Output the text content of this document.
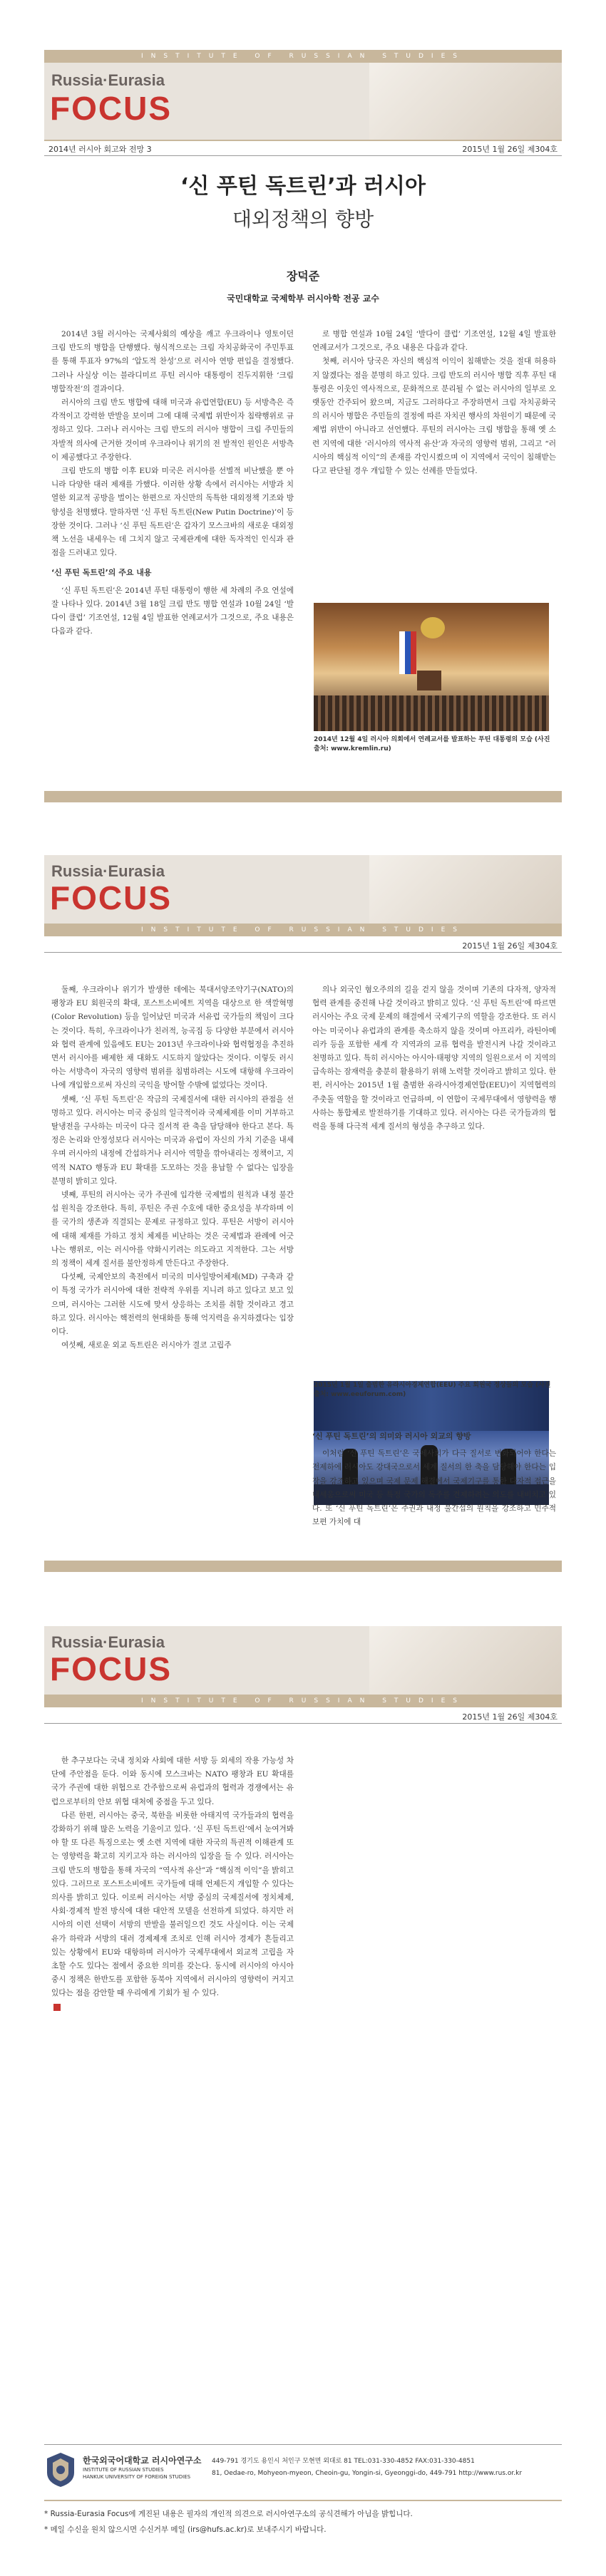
INSTITUTE OF RUSSIAN STUDIES
Russia·Eurasia
FOCUS
2014년 러시아 회고와 전망 3	2015년 1월 26일 제304호
‘신 푸틴 독트린’과 러시아
대외정책의 향방
장덕준
국민대학교 국제학부 러시아학 전공 교수

2014년 3월 러시아는 국제사회의 예상을 깨고 우크라이나 영토이던 크림 반도의 병합을 단행했다. 형식적으로는 크림 자치공화국이 주민투표를 통해 투표자 97%의 ‘압도적 찬성’으로 러시아 연방 편입을 결정했다. 그러나 사실상 이는 블라디미르 푸틴 러시아 대통령이 진두지휘한 ‘크림 병합작전’의 결과이다.

러시아의 크림 반도 병합에 대해 미국과 유럽연합(EU) 등 서방측은 즉각적이고 강력한 반발을 보이며 그에 대해 국제법 위반이자 침략행위로 규정하고 있다. 그러나 러시아는 크림 반도의 러시아 병합이 크림 주민들의 자발적 의사에 근거한 것이며 우크라이나 위기의 전 발적인 원인은 서방측이 제공했다고 주장한다.

크림 반도의 병합 이후 EU와 미국은 러시아를 선별적 비난했을 뿐 아니라 다양한 대러 제재를 가했다. 이러한 상황 속에서 러시아는 서방과 치열한 외교적 공방을 벌이는 한편으로 자신만의 독특한 대외정책 기조와 방향성을 천명했다. 말하자면 ‘신 푸틴 독트린(New Putin Doctrine)’이 등장한 것이다. 그러나 ‘신 푸틴 독트린’은 갑자기 모스크바의 새로운 대외정책 노선을 내세우는 데 그치지 않고 국제관계에 대한 독자적인 인식과 관점을 드러내고 있다.

‘신 푸틴 독트린’의 주요 내용

‘신 푸틴 독트린’은 2014년 푸틴 대통령이 행한 세 차례의 주요 연설에 잘 나타나 있다. 2014년 3월 18일 크림 반도 병합 연설과 10월 24일 ‘발다이 클럽’ 기조연설, 12월 4일 발표한 연례교서가 그것으로, 주요 내용은 다음과 같다.

로 병합 연설과 10월 24일 ‘발다이 클럽’ 기조연설, 12월 4일 발표한 연례교서가 그것으로, 주요 내용은 다음과 같다.

첫째, 러시아 당국은 자신의 핵심적 이익이 침해받는 것을 절대 허용하지 않겠다는 점을 분명히 하고 있다. 크림 반도의 러시아 병합 직후 푸틴 대통령은 이웃인 역사적으로, 문화적으로 분리될 수 없는 러시아의 일부로 오랫동안 간주되어 왔으며, 지금도 그러하다고 주장하면서 크림 자치공화국의 러시아 병합은 주민들의 결정에 따른 자치권 행사의 차원이기 때문에 국제법 위반이 아니라고 선언했다. 푸틴의 러시아는 크림 병합을 통해 옛 소련 지역에 대한 ‘러시아의 역사적 유산’과 자국의 영향력 범위, 그리고 “러시아의 핵심적 이익”의 존재를 각인시켰으며 이 지역에서 국익이 침해받는다고 판단될 경우 개입할 수 있는 선례를 만들었다.

2014년 12월 4일 러시아 의회에서 연례교서를 발표하는 푸틴 대통령의 모습 (사진 출처: www.kremlin.ru)
Russia·Eurasia
FOCUS
INSTITUTE OF RUSSIAN STUDIES
2015년 1월 26일 제304호

둘째, 우크라이나 위기가 발생한 데에는 북대서양조약기구(NATO)의 팽창과 EU 회원국의 확대, 포스트소비에트 지역을 대상으로 한 색깔혁명(Color Revolution) 등을 일어났던 미국과 서유럽 국가들의 책임이 크다는 것이다. 특히, 우크라이나가 친러적, 능곡집 등 다양한 부분에서 러시아와 협력 관계에 있음에도 EU는 2013년 우크라이나와 협력협정을 추진하면서 러시아를 배제한 채 대화도 시도하지 않았다는 것이다. 이렇듯 러시아는 서방측이 자국의 영향력 범위를 침범하려는 시도에 대항해 우크라이나에 개입함으로써 자신의 국익을 방어할 수밖에 없었다는 것이다.

셋째, ‘신 푸틴 독트린’은 작금의 국제질서에 대한 러시아의 관점을 선명하고 있다. 러시아는 미국 중심의 일극적이라 국제체제를 이미 거부하고 탈냉전을 구사하는 미국이 다극 질서적 관 축을 담당해야 한다고 본다. 특정은 논리와 안정성보다 러시아는 미국과 유럽이 자신의 가치 기준을 내세우며 러시아의 내정에 간섭하거나 러시아 역할을 깎아내리는 정책이고, 지역적 NATO 행동과 EU 확대를 도모하는 것을 용납할 수 없다는 입장을 분명히 밝히고 있다.

넷째, 푸틴의 러시아는 국가 주권에 입각한 국제법의 원칙과 내정 불간섭 원칙을 강조한다. 특히, 푸틴은 주권 수호에 대한 중요성을 부각하며 이를 국가의 생존과 직결되는 문제로 규정하고 있다. 푸틴은 서방이 러시아에 대해 제재를 가하고 정치 체제를 비난하는 것은 국제법과 관례에 어긋나는 행위로, 이는 러시아를 약화시키려는 의도라고 지적한다. 그는 서방의 정책이 세계 질서를 불안정하게 만든다고 주장한다.

다섯째, 국제안보의 축전에서 미국의 미사일방어체제(MD) 구축과 같이 특정 국가가 러시아에 대한 전략적 우위를 지니려 하고 있다고 보고 있으며, 러시아는 그러한 시도에 맞서 상응하는 조치를 취할 것이라고 경고하고 있다. 러시아는 핵전력의 현대화를 통해 억지력을 유지하겠다는 입장이다.

여섯째, 새로운 외교 독트린은 러시아가 결코 고립주

의나 외국인 혐오주의의 길을 걷지 않을 것이며 기존의 다자적, 양자적 협력 관계를 중진해 나갈 것이라고 밝히고 있다. ‘신 푸틴 독트린’에 따르면 러시아는 주요 국제 문제의 해결에서 국제기구의 역할을 강조한다. 또 러시아는 미국이나 유럽과의 관계를 축소하지 않을 것이며 아프리카, 라틴아메리카 등을 포함한 세계 각 지역과의 교류 협력을 발전시켜 나갈 것이라고 천명하고 있다. 특히 러시아는 아시아·태평양 지역의 일원으로서 이 지역의 급속하는 잠재력을 충분히 활용하기 위해 노력할 것이라고 밝히고 있다. 한편, 러시아는 2015년 1월 출범한 유라시아경제연합(EEU)이 지역협력의 주춧돌 역할을 할 것이라고 언급하며, 이 연합이 국제무대에서 영향력을 행사하는 통합체로 발전하기를 기대하고 있다. 러시아는 다른 국가들과의 협력을 통해 다극적 세계 질서의 형성을 추구하고 있다.

2015년 1월 1일 출범한 유라시아경제연합(EEU) 주요 회원국 정상들의 모습 (사진 출처: www.eeuforum.com)

‘신 푸틴 독트린’의 의미와 러시아 외교의 향방

이처럼 ‘신 푸틴 독트린’은 국제사회가 다극 질서로 변화되어야 한다는 전제하에 러시아도 강대국으로서 세계 질서의 한 축을 담당해야 한다는 입장을 강조하고 있으며 국제 문제 해결에서 국제기구를 통한 다자적 접근을 내세움으로써 미국 등 특정 국가의 독주를 견제하려는 의도를 내비치고 있다. 또 ‘신 푸틴 독트린’은 주권과 내정 불간섭의 원칙을 강조하고 민주적 보편 가치에 대

Russia·Eurasia
FOCUS
INSTITUTE OF RUSSIAN STUDIES
2015년 1월 26일 제304호

한 추구보다는 국내 정치와 사회에 대한 서방 등 외세의 작용 가능성 차단에 주안점을 둔다. 이와 동시에 모스크바는 NATO 팽창과 EU 확대를 국가 주권에 대한 위협으로 간주함으로써 유럽과의 협력과 경쟁에서는 유럽으로부터의 안보 위협 대처에 중점을 두고 있다.

다른 한편, 러시아는 중국, 북한을 비롯한 아태지역 국가들과의 협력을 강화하기 위해 많은 노력을 기울이고 있다. ‘신 푸틴 독트린’에서 눈여겨봐야 할 또 다른 특징으로는 옛 소련 지역에 대한 자국의 특권적 이해관계 또는 영향력을 확고히 지키고자 하는 러시아의 입장을 들 수 있다. 러시아는 크림 반도의 병합을 통해 자국의 “역사적 유산”과 “핵심적 이익”을 밝히고 있다. 그러므로 포스트소비에트 국가들에 대해 언제든지 개입할 수 있다는 의사를 밝히고 있다. 이로써 러시아는 서방 중심의 국제질서에 정치체제, 사회·경제적 발전 방식에 대한 대안적 모델을 선전하게 되었다. 하지만 러시아의 이런 선택이 서방의 반발을 불러일으킨 것도 사실이다. 이는 국제 유가 하락과 서방의 대러 경제제재 조치로 인해 러시아 경제가 흔들리고 있는 상황에서 EU와 대항하며 러시아가 국제무대에서 외교적 고립을 자초할 수도 있다는 점에서 중요한 의미를 갖는다. 동시에 러시아의 아시아 중시 정책은 한반도를 포함한 동북아 지역에서 러시아의 영향력이 커지고 있다는 점을 감안할 때 우리에게 기회가 될 수 있다.

한국외국어대학교 러시아연구소
INSTITUTE OF RUSSIAN STUDIES
HANKUK UNIVERSITY OF FOREIGN STUDIES
449-791 경기도 용인시 처인구 모현면 외대로 81 TEL:031-330-4852 FAX:031-330-4851
81, Oedae-ro, Mohyeon-myeon, Cheoin-gu, Yongin-si, Gyeonggi-do, 449-791 http://www.rus.or.kr
* Russia-Eurasia Focus에 게진된 내용은 필자의 개인적 의견으로 러시아연구소의 공식견해가 아님을 밝힙니다.
* 메일 수신을 원치 않으시면 수신거부 메일 (irs@hufs.ac.kr)로 보내주시기 바랍니다.
